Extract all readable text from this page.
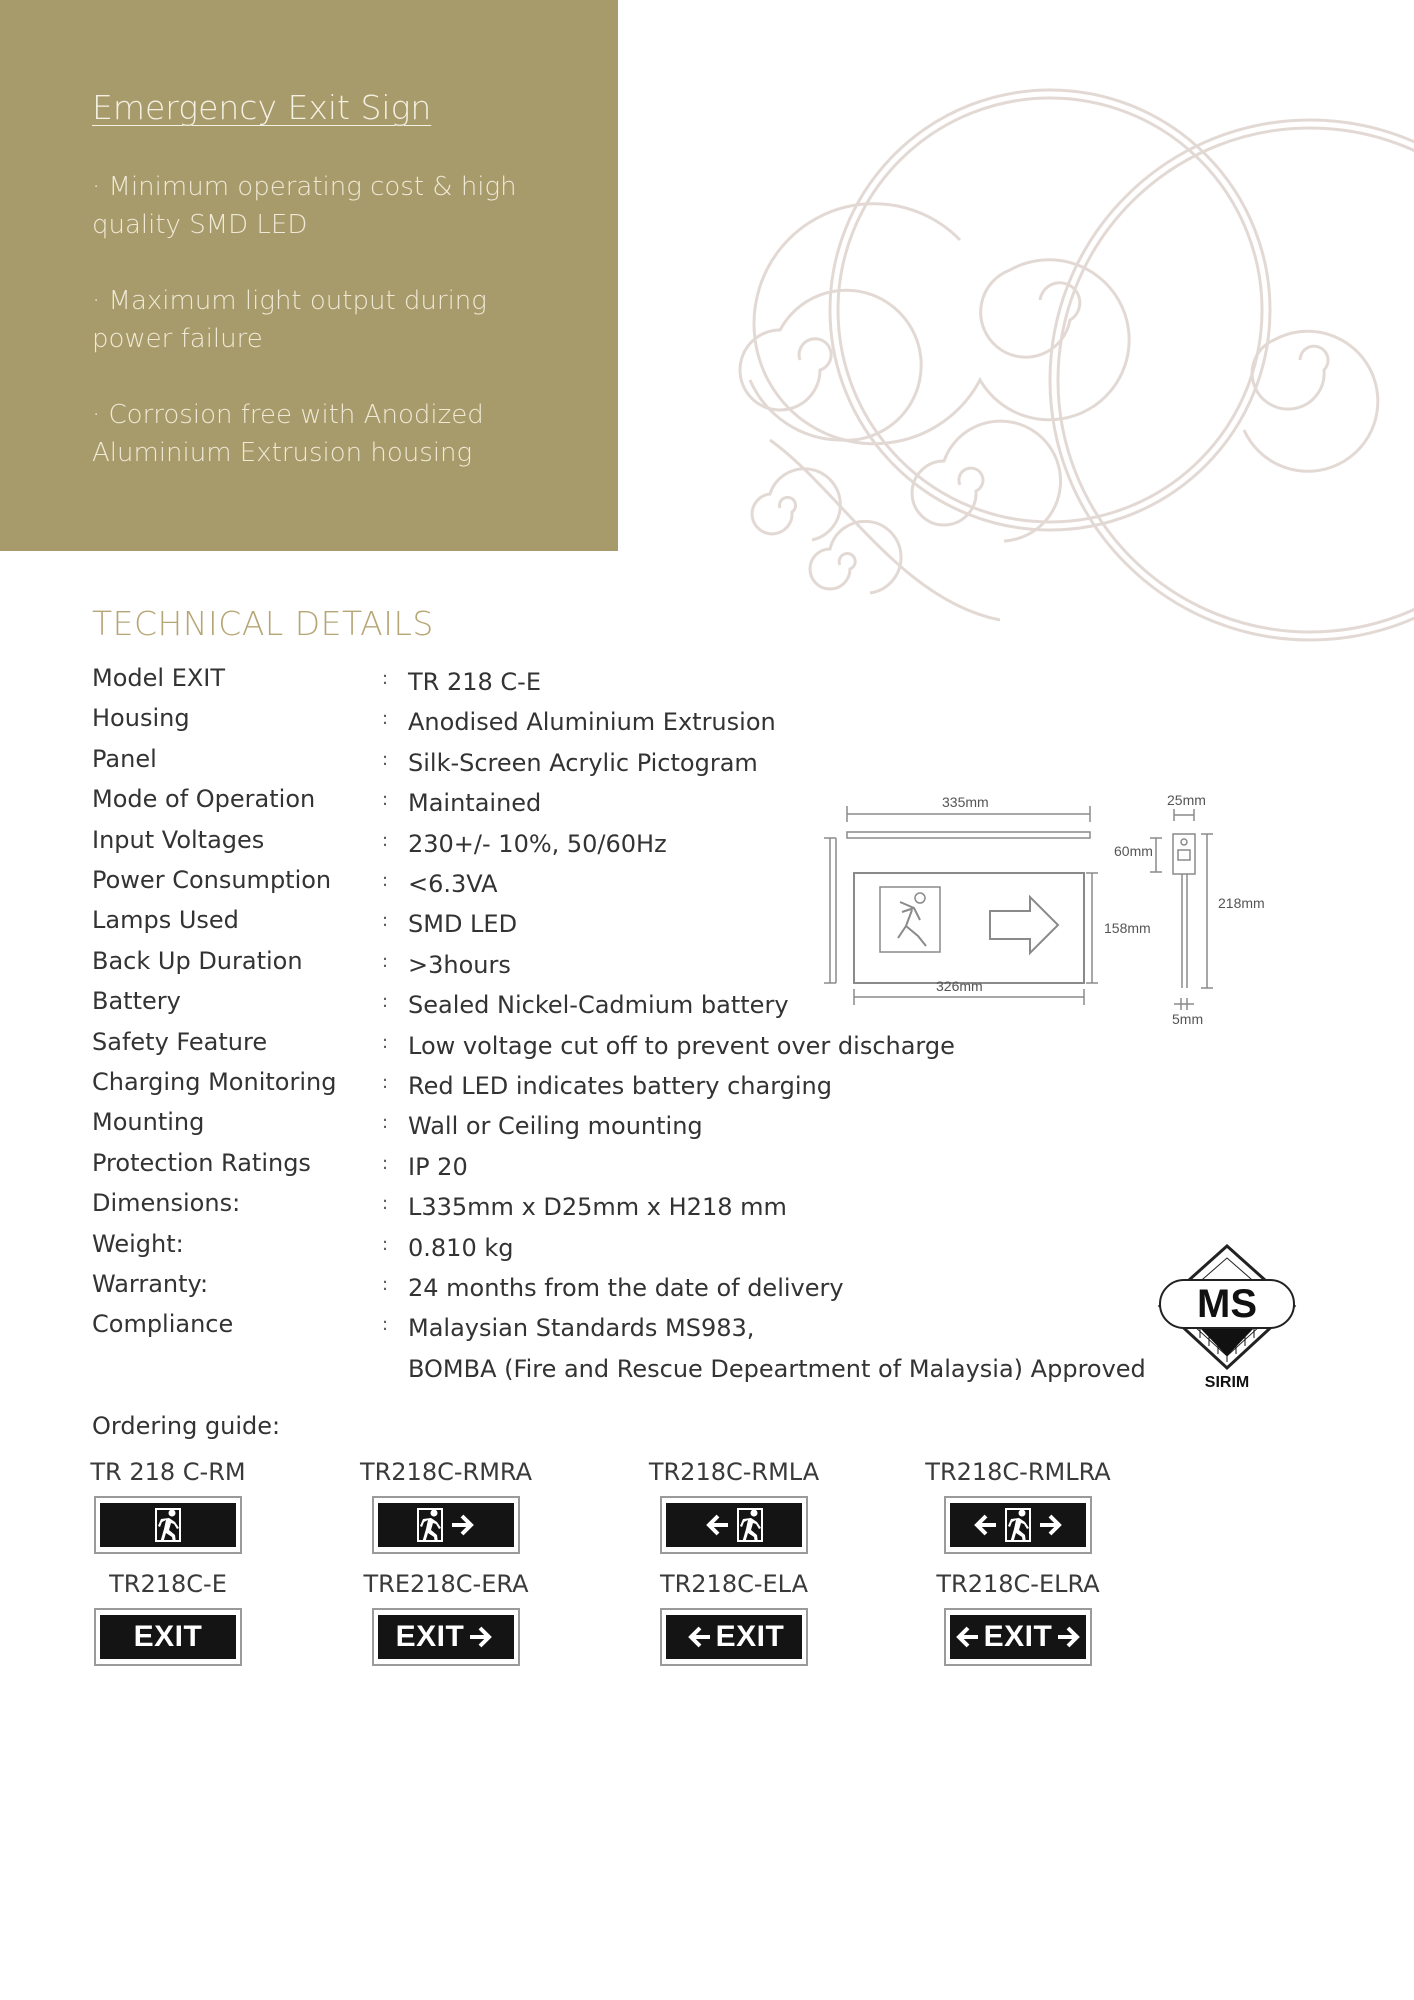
Emergency Exit Sign
· Minimum operating cost & high quality SMD LED
· Maximum light output during power failure
· Corrosion free with Anodized Aluminium Extrusion housing
TECHNICAL DETAILS
Model EXIT	: TR 218 C-E
Housing	: Anodised Aluminium Extrusion
Panel	: Silk-Screen Acrylic Pictogram
Mode of Operation	: Maintained
Input Voltages	: 230+/- 10%, 50/60Hz
Power Consumption	: <6.3VA
Lamps Used	: SMD LED
Back Up Duration	: >3hours
Battery	: Sealed Nickel-Cadmium battery
Safety Feature	: Low voltage cut off to prevent over discharge
Charging Monitoring	: Red LED indicates battery charging
Mounting	: Wall or Ceiling mounting
Protection Ratings	: IP 20
Dimensions:	: L335mm x D25mm x H218 mm
Weight:	: 0.810 kg
Warranty:	: 24 months from the date of delivery
Compliance	: Malaysian Standards MS983,
BOMBA (Fire and Rescue Depeartment of Malaysia) Approved
335mm
158mm
326mm
60mm
25mm
218mm
5mm
MS
SIRIM
Ordering guide:
TR 218 C-RM	TR218C-RMRA	TR218C-RMLA	TR218C-RMLRA
TR218C-E
EXIT
TRE218C-ERA
EXIT
TR218C-ELA
EXIT
TR218C-ELRA
EXIT
